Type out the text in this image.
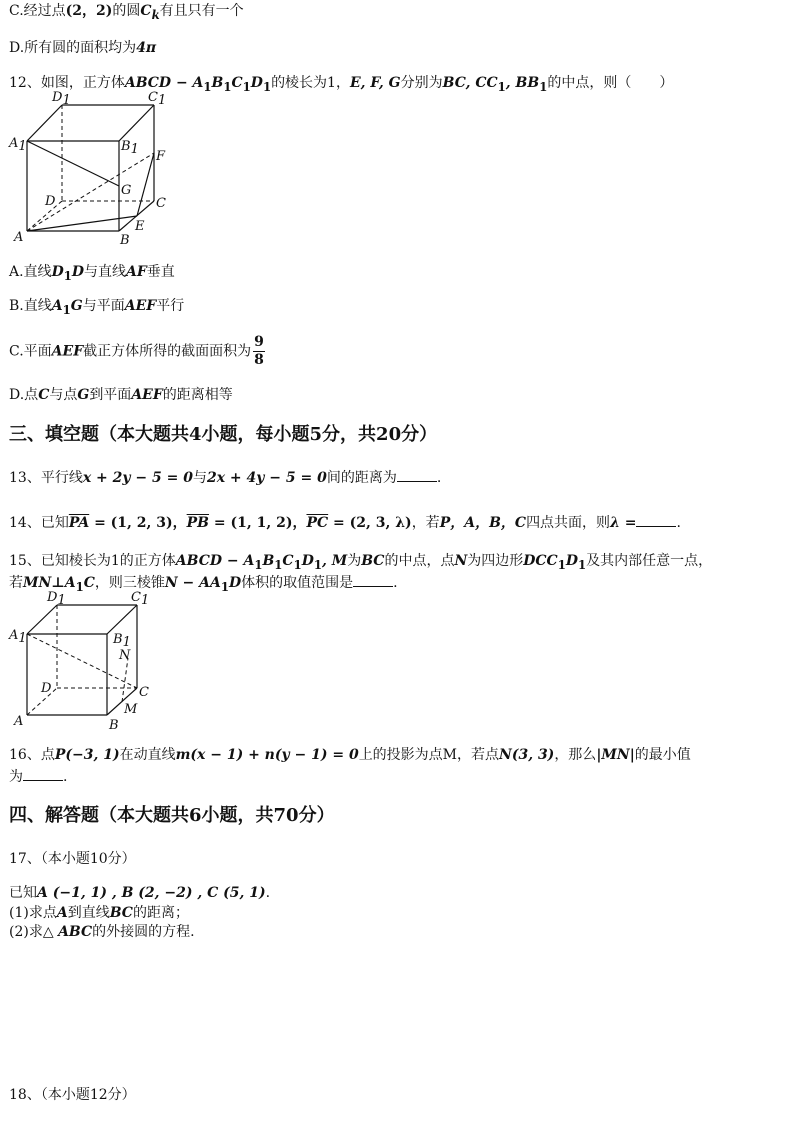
C.经过点(2，2)的圆$C_k$有且只有一个
D.所有圆的面积均为4π
12、如图，正方体ABCD − $A_1B_1C_1D_1$的棱长为1，E, F, G分别为BC, $CC_1$, $BB_1$的中点，则（　　）
D1	C1
A1	B1 F
G
D	C
A
E
B
A.直线$D_1D$与直线AF垂直
B.直线$A_1G$与平面AEF平行
C.平面AEF截正方体所得的截面面积为 $\frac{9}{8}$
D.点C与点G到平面AEF的距离相等
三、填空题（本大题共4小题，每小题5分，共20分）
13、平行线x + 2y − 5 = 0与2x + 4y − 5 = 0间的距离为	.
14、已知$\overline{PA} = (1$, 2, 3)，$\overline{PB} = (1$, 1, 2)，$\overline{PC} = (2$, 3, λ)，若P，A，B，C四点共面，则λ =	.
15、已知棱长为1的正方体ABCD − $A_1B_1C_1D_1$, M为BC的中点，点N为四边形$DCC_1D_1$及其内部任意一点，
若$MN\perp A_1C$，则三棱锥$N - AA_1D$体积的取值范围是	.
D1	C1
A1	B1
N
D	C
A
M
B
16、点P(−3, 1)在动直线m(x − 1) + n(y − 1) = 0上的投影为点M，若点N(3, 3)，那么|MN|的最小值
为	.
四、解答题（本大题共6小题，共70分）
17、（本小题10分）
已知A (−1, 1) , B (2, −2) , C (5, 1).
(1)求点A到直线BC的距离；
(2)求△ ABC的外接圆的方程.
18、（本小题12分）
